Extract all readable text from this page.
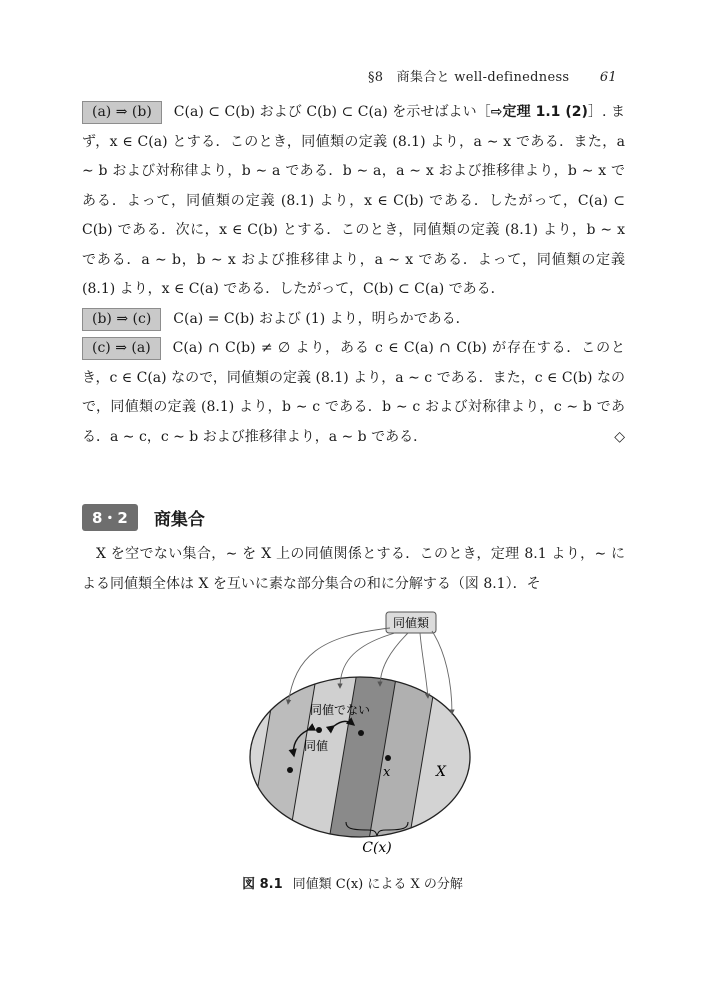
§8　商集合と well-definedness 61

(a) ⇒ (b) C(a) ⊂ C(b) および C(b) ⊂ C(a) を示せばよい［⇨定理 1.1 (2)］. まず，x ∈ C(a) とする．このとき，同値類の定義 (8.1) より，a ∼ x である．また，a ∼ b および対称律より，b ∼ a である．b ∼ a，a ∼ x および推移律より，b ∼ x である．よって，同値類の定義 (8.1) より，x ∈ C(b) である．したがって，C(a) ⊂ C(b) である．次に，x ∈ C(b) とする．このとき，同値類の定義 (8.1) より，b ∼ x である．a ∼ b，b ∼ x および推移律より，a ∼ x である．よって，同値類の定義 (8.1) より，x ∈ C(a) である．したがって，C(b) ⊂ C(a) である．

(b) ⇒ (c) C(a) = C(b) および (1) より，明らかである．

(c) ⇒ (a) C(a) ∩ C(b) ≠ ∅ より，ある c ∈ C(a) ∩ C(b) が存在する．このとき，c ∈ C(a) なので，同値類の定義 (8.1) より，a ∼ c である．また，c ∈ C(b) なので，同値類の定義 (8.1) より，b ∼ c である．b ∼ c および対称律より，c ∼ b である．a ∼ c，c ∼ b および推移律より，a ∼ b である．	◇

8・2	商集合

X を空でない集合，∼ を X 上の同値関係とする．このとき，定理 8.1 より，∼ による同値類全体は X を互いに素な部分集合の和に分解する（図 8.1）．そ

同値類
同値でない
同値
x	X
C(x)
図 8.1 同値類 C(x) による X の分解
